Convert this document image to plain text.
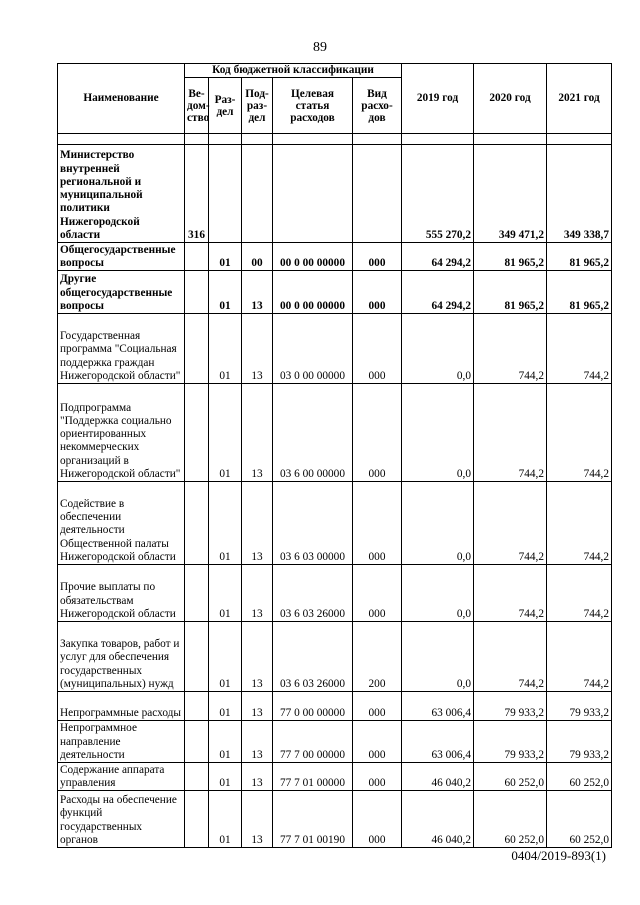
89
Наименование	Код бюджетной классификации					2019 год	2020 год	2021 год
	Ве-дом-ство	Раз-дел	Под-раз-дел	Целевая статья расходов	Вид расхо-дов			

Министерство внутренней региональной и муниципальной политики Нижегородской области	316					555 270,2	349 471,2	349 338,7
Общегосударственные вопросы		01	00	00 0 00 00000	000	64 294,2	81 965,2	81 965,2
Другие общегосударственные вопросы		01	13	00 0 00 00000	000	64 294,2	81 965,2	81 965,2
Государственная программа "Социальная поддержка граждан Нижегородской области"		01	13	03 0 00 00000	000	0,0	744,2	744,2
Подпрограмма "Поддержка социально ориентированных некоммерческих организаций в Нижегородской области"		01	13	03 6 00 00000	000	0,0	744,2	744,2
Содействие в обеспечении деятельности Общественной палаты Нижегородской области		01	13	03 6 03 00000	000	0,0	744,2	744,2
Прочие выплаты по обязательствам Нижегородской области		01	13	03 6 03 26000	000	0,0	744,2	744,2
Закупка товаров, работ и услуг для обеспечения государственных (муниципальных) нужд		01	13	03 6 03 26000	200	0,0	744,2	744,2
Непрограммные расходы		01	13	77 0 00 00000	000	63 006,4	79 933,2	79 933,2
Непрограммное направление деятельности		01	13	77 7 00 00000	000	63 006,4	79 933,2	79 933,2
Содержание аппарата управления		01	13	77 7 01 00000	000	46 040,2	60 252,0	60 252,0
Расходы на обеспечение функций государственных органов		01	13	77 7 01 00190	000	46 040,2	60 252,0	60 252,0
0404/2019-893(1)
